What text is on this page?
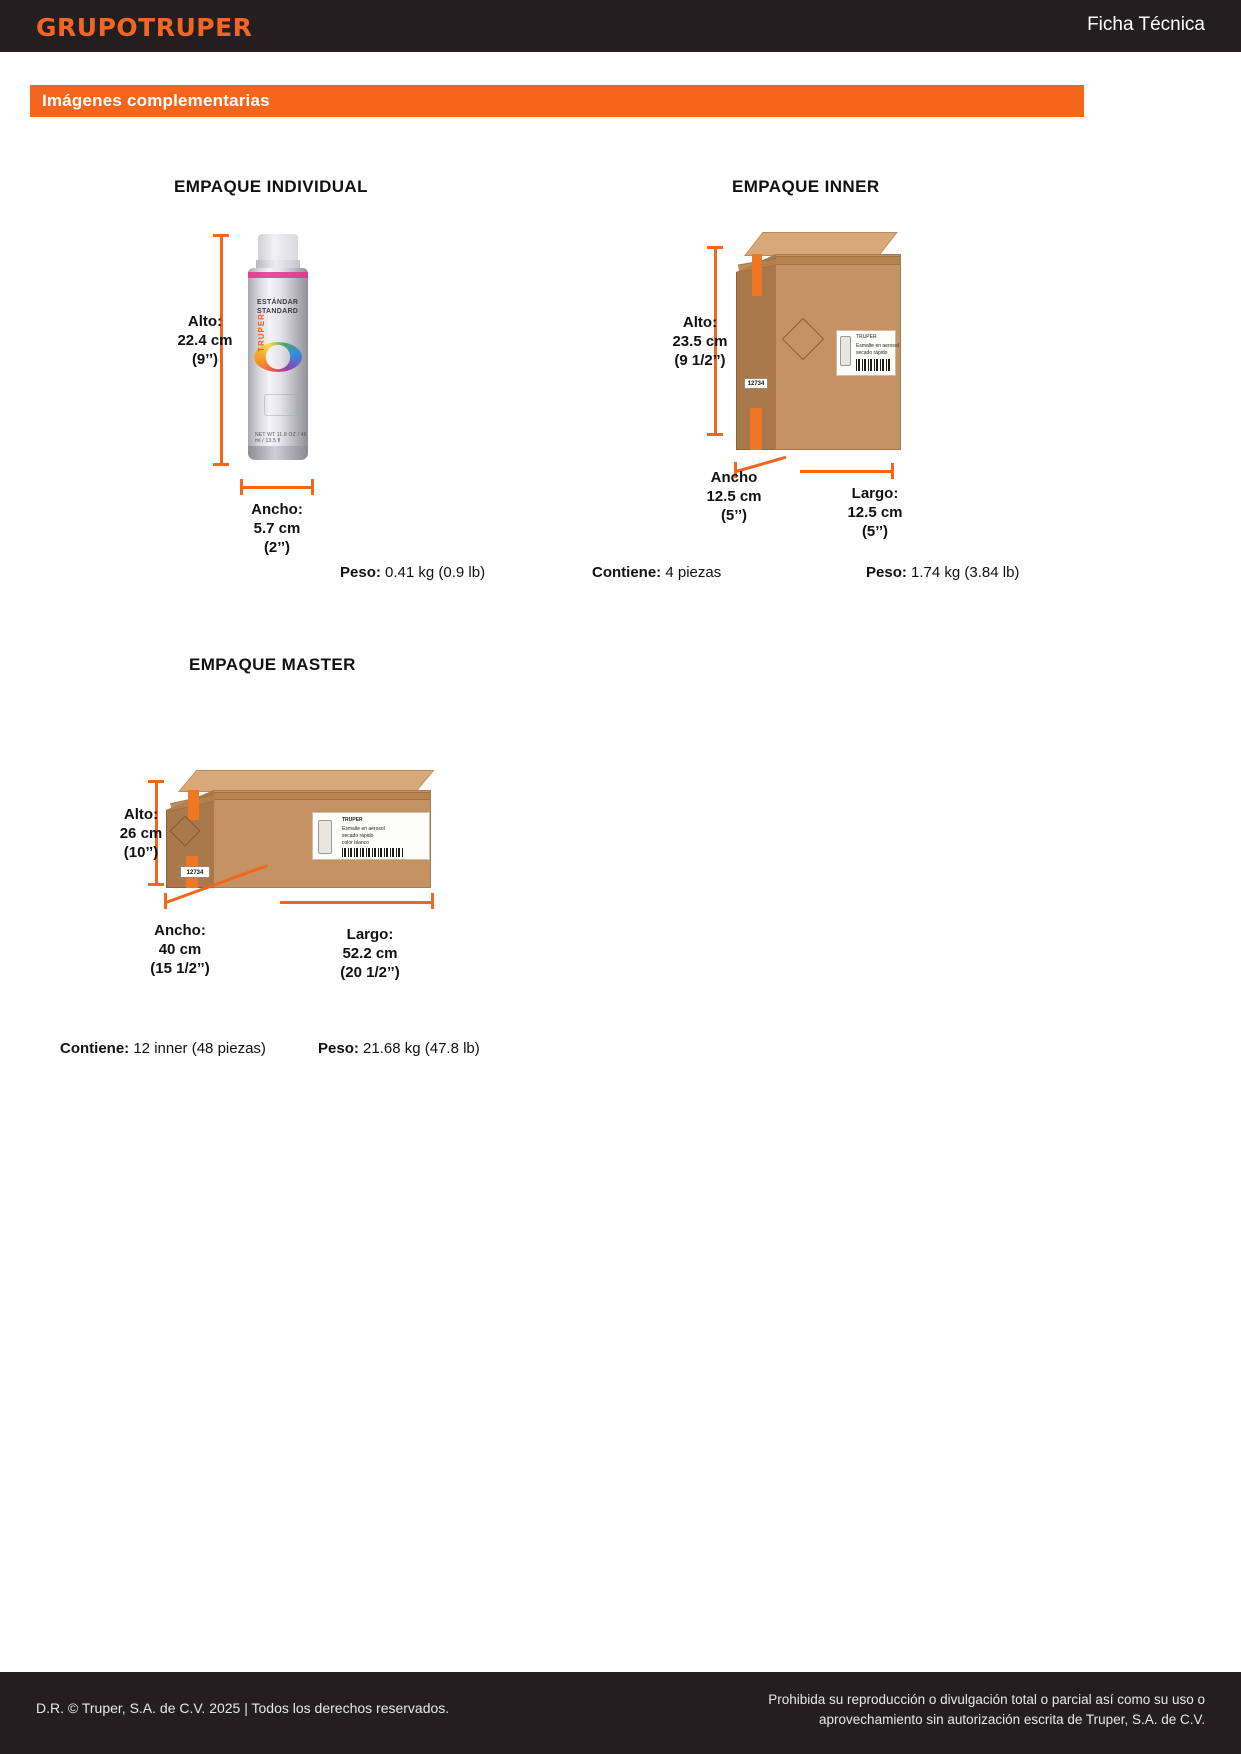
GRUPOTRUPER	Ficha Técnica
Imágenes complementarias
EMPAQUE INDIVIDUAL
ESTÁNDAR
STANDARD
TRUPER
NET WT 11.8 OZ / 48 ml / 13.5 fl
Alto:
22.4 cm
(9’’)
Ancho:
5.7 cm
(2’’)
Peso: 0.41 kg (0.9 lb)
EMPAQUE INNER
TRUPER
Esmalte en aerosol
secado rápido
12734
Alto:
23.5 cm
(9 1/2’’)
Ancho
12.5 cm
(5’’)
Largo:
12.5 cm
(5’’)
Contiene: 4 piezas	Peso: 1.74 kg (3.84 lb)
EMPAQUE MASTER
TRUPER
Esmalte en aerosol
secado rápido
color blanco
12734
Alto:
26 cm
(10’’)
Ancho:
40 cm
(15 1/2’’)
Largo:
52.2 cm
(20 1/2’’)
Contiene: 12 inner (48 piezas)	Peso: 21.68 kg (47.8 lb)
D.R. © Truper, S.A. de C.V. 2025 | Todos los derechos reservados.
Prohibida su reproducción o divulgación total o parcial así como su uso o
aprovechamiento sin autorización escrita de Truper, S.A. de C.V.
